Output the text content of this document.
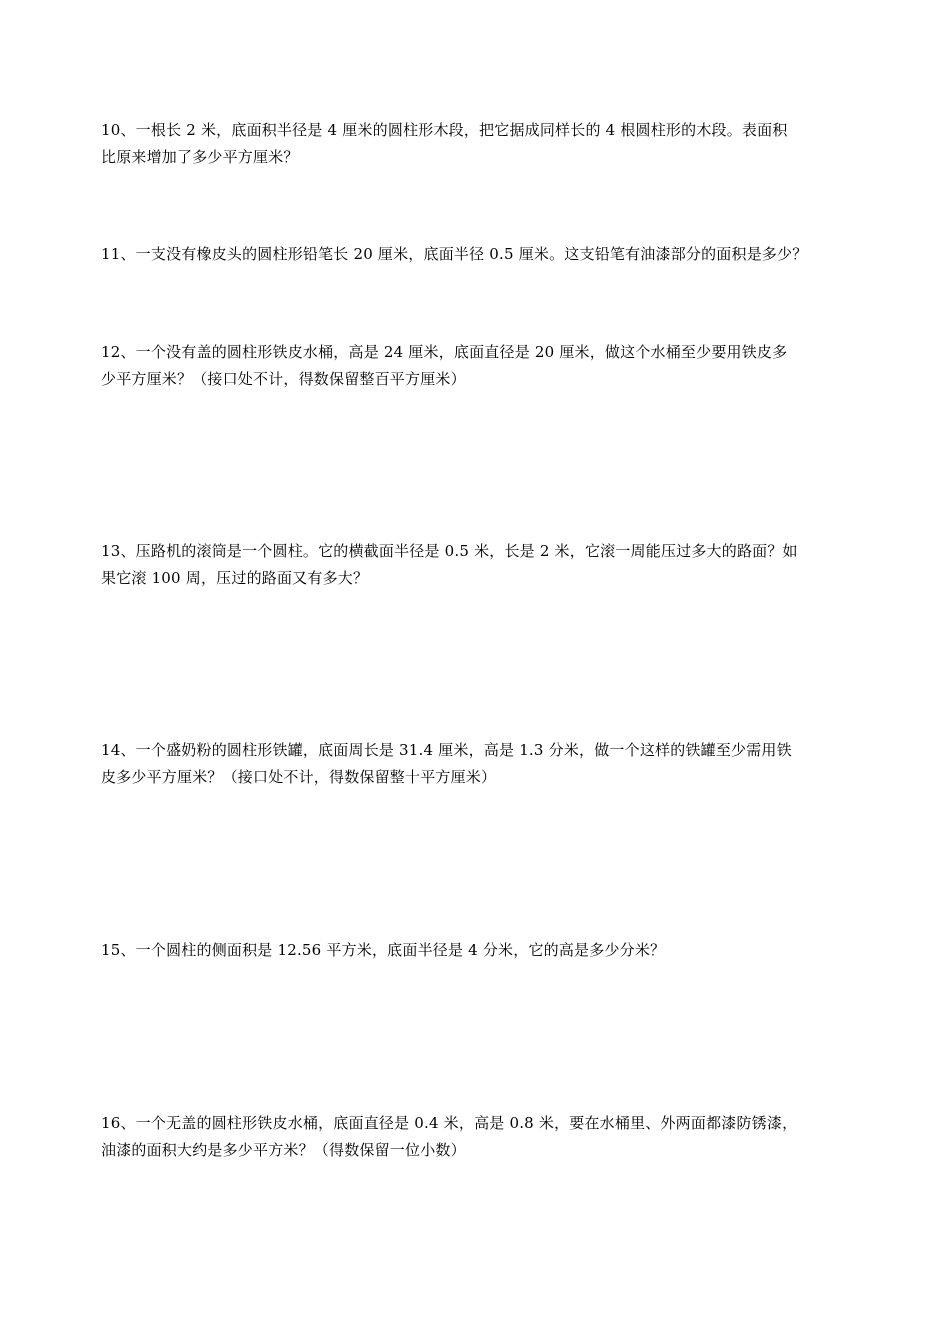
10、一根长 2 米，底面积半径是 4 厘米的圆柱形木段，把它据成同样长的 4 根圆柱形的木段。表面积
比原来增加了多少平方厘米？

11、一支没有橡皮头的圆柱形铅笔长 20 厘米，底面半径 0.5 厘米。这支铅笔有油漆部分的面积是多少？

12、一个没有盖的圆柱形铁皮水桶，高是 24 厘米，底面直径是 20 厘米，做这个水桶至少要用铁皮多
少平方厘米？（接口处不计，得数保留整百平方厘米）

13、压路机的滚筒是一个圆柱。它的横截面半径是 0.5 米，长是 2 米，它滚一周能压过多大的路面？如
果它滚 100 周，压过的路面又有多大？

14、一个盛奶粉的圆柱形铁罐，底面周长是 31.4 厘米，高是 1.3 分米，做一个这样的铁罐至少需用铁
皮多少平方厘米？（接口处不计，得数保留整十平方厘米）

15、一个圆柱的侧面积是 12.56 平方米，底面半径是 4 分米，它的高是多少分米？

16、一个无盖的圆柱形铁皮水桶，底面直径是 0.4 米，高是 0.8 米，要在水桶里、外两面都漆防锈漆，
油漆的面积大约是多少平方米？（得数保留一位小数）
